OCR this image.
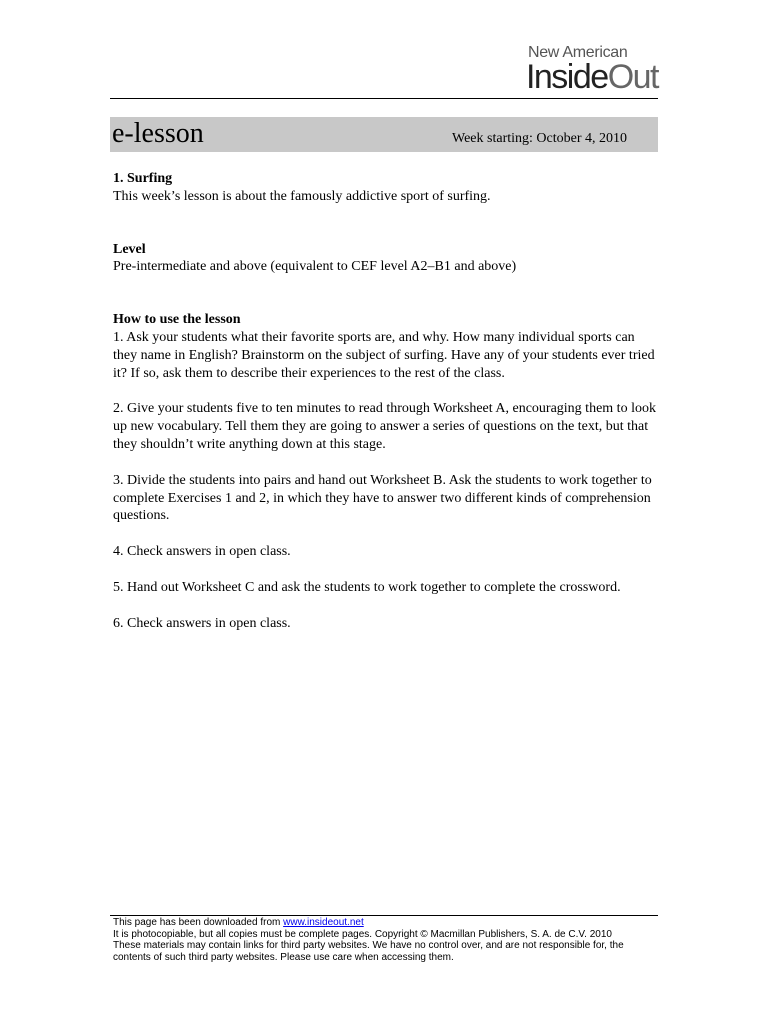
New American
InsideOut
e-lesson	Week starting: October 4, 2010

1. Surfing

This week’s lesson is about the famously addictive sport of surfing.

Level

Pre-intermediate and above (equivalent to CEF level A2–B1 and above)

How to use the lesson

1. Ask your students what their favorite sports are, and why. How many individual sports can they name in English? Brainstorm on the subject of surfing. Have any of your students ever tried it? If so, ask them to describe their experiences to the rest of the class.

2. Give your students five to ten minutes to read through Worksheet A, encouraging them to look up new vocabulary. Tell them they are going to answer a series of questions on the text, but that they shouldn’t write anything down at this stage.

3. Divide the students into pairs and hand out Worksheet B. Ask the students to work together to complete Exercises 1 and 2, in which they have to answer two different kinds of comprehension questions.

4. Check answers in open class.

5. Hand out Worksheet C and ask the students to work together to complete the crossword.

6. Check answers in open class.

This page has been downloaded from www.insideout.net
It is photocopiable, but all copies must be complete pages. Copyright © Macmillan Publishers, S. A. de C.V. 2010
These materials may contain links for third party websites. We have no control over, and are not responsible for, the contents of such third party websites. Please use care when accessing them.
